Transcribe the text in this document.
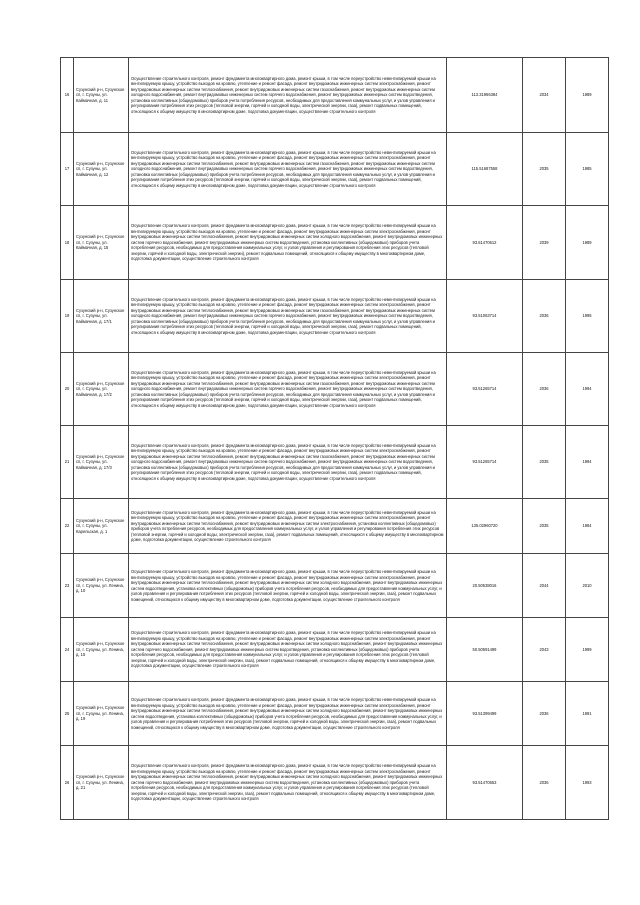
16	Сузунский р-н, Сузунское сп, г. Сузуны, ул. Каймачная, д. 11	Осуществление строительного контроля, ремонт фундамента многоквартирного дома, ремонт крыши, в том числе переустройство невентилируемой крыши на вентилируемую крышу, устройство выходов на кровлю, утепление и ремонт фасада, ремонт внутридомовых инженерных систем электроснабжения, ремонт внутридомовых инженерных систем теплоснабжения, ремонт внутридомовых инженерных систем газоснабжения, ремонт внутридомовых инженерных систем холодного водоснабжения, ремонт внутридомовых инженерных систем горячего водоснабжения, ремонт внутридомовых инженерных систем водоотведения, установка коллективных (общедомовых) приборов учета потребления ресурсов, необходимых для предоставления коммунальных услуг, и узлов управления и регулирования потребления этих ресурсов (тепловой энергии, горячей и холодной воды, электрической энергии, газа), ремонт подвальных помещений, относящихся к общему имуществу в многоквартирном доме, подготовка документации, осуществление строительного контроля	113.31966384	2034	1989
17	Сузунский р-н, Сузунское сп, г. Сузуны, ул. Каймачная, д. 12	Осуществление строительного контроля, ремонт фундамента многоквартирного дома, ремонт крыши, в том числе переустройство невентилируемой крыши на вентилируемую крышу, устройство выходов на кровлю, утепление и ремонт фасада, ремонт внутридомовых инженерных систем электроснабжения, ремонт внутридомовых инженерных систем теплоснабжения, ремонт внутридомовых инженерных систем газоснабжения, ремонт внутридомовых инженерных систем холодного водоснабжения, ремонт внутридомовых инженерных систем горячего водоснабжения, ремонт внутридомовых инженерных систем водоотведения, установка коллективных (общедомовых) приборов учета потребления ресурсов, необходимых для предоставления коммунальных услуг, и узлов управления и регулирования потребления этих ресурсов (тепловой энергии, горячей и холодной воды, электрической энергии, газа), ремонт подвальных помещений, относящихся к общему имуществу в многоквартирном доме, подготовка документации, осуществление строительного контроля	115.51687558	2035	1985
18	Сузунский р-н, Сузунское сп, г. Сузуны, ул. Каймачная, д. 15	Осуществление строительного контроля, ремонт фундамента многоквартирного дома, ремонт крыши, в том числе переустройство невентилируемой крыши на вентилируемую крышу, устройство выходов на кровлю, утепление и ремонт фасада, ремонт внутридомовых инженерных систем электроснабжения, ремонт внутридомовых инженерных систем теплоснабжения, ремонт внутридомовых инженерных систем холодного водоснабжения, ремонт внутридомовых инженерных систем горячего водоснабжения, ремонт внутридомовых инженерных систем водоотведения, установка коллективных (общедомовых) приборов учета потребления ресурсов, необходимых для предоставления коммунальных услуг, и узлов управления и регулирования потребления этих ресурсов (тепловой энергии, горячей и холодной воды, электрической энергии), ремонт подвальных помещений, относящихся к общему имуществу в многоквартирном доме, подготовка документации, осуществление строительного контроля	93.51470612	2039	1989
19	Сузунский р-н, Сузунское сп, г. Сузуны, ул. Каймачная, д. 17/1	Осуществление строительного контроля, ремонт фундамента многоквартирного дома, ремонт крыши, в том числе переустройство невентилируемой крыши на вентилируемую крышу, устройство выходов на кровлю, утепление и ремонт фасада, ремонт внутридомовых инженерных систем электроснабжения, ремонт внутридомовых инженерных систем теплоснабжения, ремонт внутридомовых инженерных систем газоснабжения, ремонт внутридомовых инженерных систем холодного водоснабжения, ремонт внутридомовых инженерных систем горячего водоснабжения, ремонт внутридомовых инженерных систем водоотведения, установка коллективных (общедомовых) приборов учета потребления ресурсов, необходимых для предоставления коммунальных услуг, и узлов управления и регулирования потребления этих ресурсов (тепловой энергии, горячей и холодной воды, электрической энергии, газа), ремонт подвальных помещений, относящихся к общему имуществу в многоквартирном доме, подготовка документации, осуществление строительного контроля	93.51063714	2036	1995
20	Сузунский р-н, Сузунское сп, г. Сузуны, ул. Каймачная, д. 17/2	Осуществление строительного контроля, ремонт фундамента многоквартирного дома, ремонт крыши, в том числе переустройство невентилируемой крыши на вентилируемую крышу, устройство выходов на кровлю, утепление и ремонт фасада, ремонт внутридомовых инженерных систем электроснабжения, ремонт внутридомовых инженерных систем теплоснабжения, ремонт внутридомовых инженерных систем газоснабжения, ремонт внутридомовых инженерных систем холодного водоснабжения, ремонт внутридомовых инженерных систем горячего водоснабжения, ремонт внутридомовых инженерных систем водоотведения, установка коллективных (общедомовых) приборов учета потребления ресурсов, необходимых для предоставления коммунальных услуг, и узлов управления и регулирования потребления этих ресурсов (тепловой энергии, горячей и холодной воды, электрической энергии, газа), ремонт подвальных помещений, относящихся к общему имуществу в многоквартирном доме, подготовка документации, осуществление строительного контроля	93.51265714	2036	1994
21	Сузунский р-н, Сузунское сп, г. Сузуны, ул. Каймачная, д. 17/3	Осуществление строительного контроля, ремонт фундамента многоквартирного дома, ремонт крыши, в том числе переустройство невентилируемой крыши на вентилируемую крышу, устройство выходов на кровлю, утепление и ремонт фасада, ремонт внутридомовых инженерных систем электроснабжения, ремонт внутридомовых инженерных систем теплоснабжения, ремонт внутридомовых инженерных систем газоснабжения, ремонт внутридомовых инженерных систем холодного водоснабжения, ремонт внутридомовых инженерных систем горячего водоснабжения, ремонт внутридомовых инженерных систем водоотведения, установка коллективных (общедомовых) приборов учета потребления ресурсов, необходимых для предоставления коммунальных услуг, и узлов управления и регулирования потребления этих ресурсов (тепловой энергии, горячей и холодной воды, электрической энергии, газа), ремонт подвальных помещений, относящихся к общему имуществу в многоквартирном доме, подготовка документации, осуществление строительного контроля	93.51265714	2035	1994
22	Сузунский р-н, Сузунское сп, г. Сузуны, ул. Карельская, д. 1	Осуществление строительного контроля, ремонт фундамента многоквартирного дома, ремонт крыши, в том числе переустройство невентилируемой крыши на вентилируемую крышу, устройство выходов на кровлю, утепление и ремонт фасада, ремонт внутридомовых инженерных систем электроснабжения, ремонт внутридомовых инженерных систем теплоснабжения, ремонт внутридомовых инженерных систем электроснабжения, установка коллективных (общедомовых) приборов учета потребления ресурсов, необходимых для предоставления коммунальных услуг, и узлов управления и регулирования потребления этих ресурсов (тепловой энергии, горячей и холодной воды, электрической энергии, газа), ремонт подвальных помещений, относящихся к общему имуществу в многоквартирном доме, подготовка документации, осуществление строительного контроля	135.02960720	2035	1984
23	Сузунский р-н, Сузунское сп, г. Сузуны, ул. Ленина, д. 10	Осуществление строительного контроля, ремонт фундамента многоквартирного дома, ремонт крыши, в том числе переустройство невентилируемой крыши на вентилируемую крышу, устройство выходов на кровлю, утепление и ремонт фасада, ремонт внутридомовых инженерных систем электроснабжения, ремонт внутридомовых инженерных систем теплоснабжения, ремонт внутридомовых инженерных систем холодного водоснабжения, ремонт внутридомовых инженерных систем водоотведения, установка коллективных (общедомовых) приборов учета потребления ресурсов, необходимых для предоставления коммунальных услуг, и узлов управления и регулирования потребления этих ресурсов (тепловой энергии, горячей и холодной воды, электрической энергии, газа), ремонт подвальных помещений, относящихся к общему имуществу в многоквартирном доме, подготовка документации, осуществление строительного контроля	20.50538016	2044	2010
24	Сузунский р-н, Сузунское сп, г. Сузуны, ул. Ленина, д. 15	Осуществление строительного контроля, ремонт фундамента многоквартирного дома, ремонт крыши, в том числе переустройство невентилируемой крыши на вентилируемую крышу, устройство выходов на кровлю, утепление и ремонт фасада, ремонт внутридомовых инженерных систем электроснабжения, ремонт внутридомовых инженерных систем теплоснабжения, ремонт внутридомовых инженерных систем холодного водоснабжения, ремонт внутридомовых инженерных систем горячего водоснабжения, ремонт внутридомовых инженерных систем водоотведения, установка коллективных (общедомовых) приборов учета потребления ресурсов, необходимых для предоставления коммунальных услуг, и узлов управления и регулирования потребления этих ресурсов (тепловой энергии, горячей и холодной воды, электрической энергии, газа), ремонт подвальных помещений, относящихся к общему имуществу в многоквартирном доме, подготовка документации, осуществление строительного контроля	50.50591499	2043	1999
25	Сузунский р-н, Сузунское сп, г. Сузуны, ул. Ленина, д. 19	Осуществление строительного контроля, ремонт фундамента многоквартирного дома, ремонт крыши, в том числе переустройство невентилируемой крыши на вентилируемую крышу, устройство выходов на кровлю, утепление и ремонт фасада, ремонт внутридомовых инженерных систем электроснабжения, ремонт внутридомовых инженерных систем теплоснабжения, ремонт внутридомовых инженерных систем холодного водоснабжения, ремонт внутридомовых инженерных систем водоотведения, установка коллективных (общедомовых) приборов учета потребления ресурсов, необходимых для предоставления коммунальных услуг, и узлов управления и регулирования потребления этих ресурсов (тепловой энергии, горячей и холодной воды, электрической энергии, газа), ремонт подвальных помещений, относящихся к общему имуществу в многоквартирном доме, подготовка документации, осуществление строительного контроля	93.51399499	2036	1991
26	Сузунский р-н, Сузунское сп, г. Сузуны, ул. Ленина, д. 21	Осуществление строительного контроля, ремонт фундамента многоквартирного дома, ремонт крыши, в том числе переустройство невентилируемой крыши на вентилируемую крышу, устройство выходов на кровлю, утепление и ремонт фасада, ремонт внутридомовых инженерных систем электроснабжения, ремонт внутридомовых инженерных систем теплоснабжения, ремонт внутридомовых инженерных систем холодного водоснабжения, ремонт внутридомовых инженерных систем горячего водоснабжения, ремонт внутридомовых инженерных систем водоотведения, установка коллективных (общедомовых) приборов учета потребления ресурсов, необходимых для предоставления коммунальных услуг, и узлов управления и регулирования потребления этих ресурсов (тепловой энергии, горячей и холодной воды, электрической энергии, газа), ремонт подвальных помещений, относящихся к общему имуществу в многоквартирном доме, подготовка документации, осуществление строительного контроля	93.51470653	2036	1993
